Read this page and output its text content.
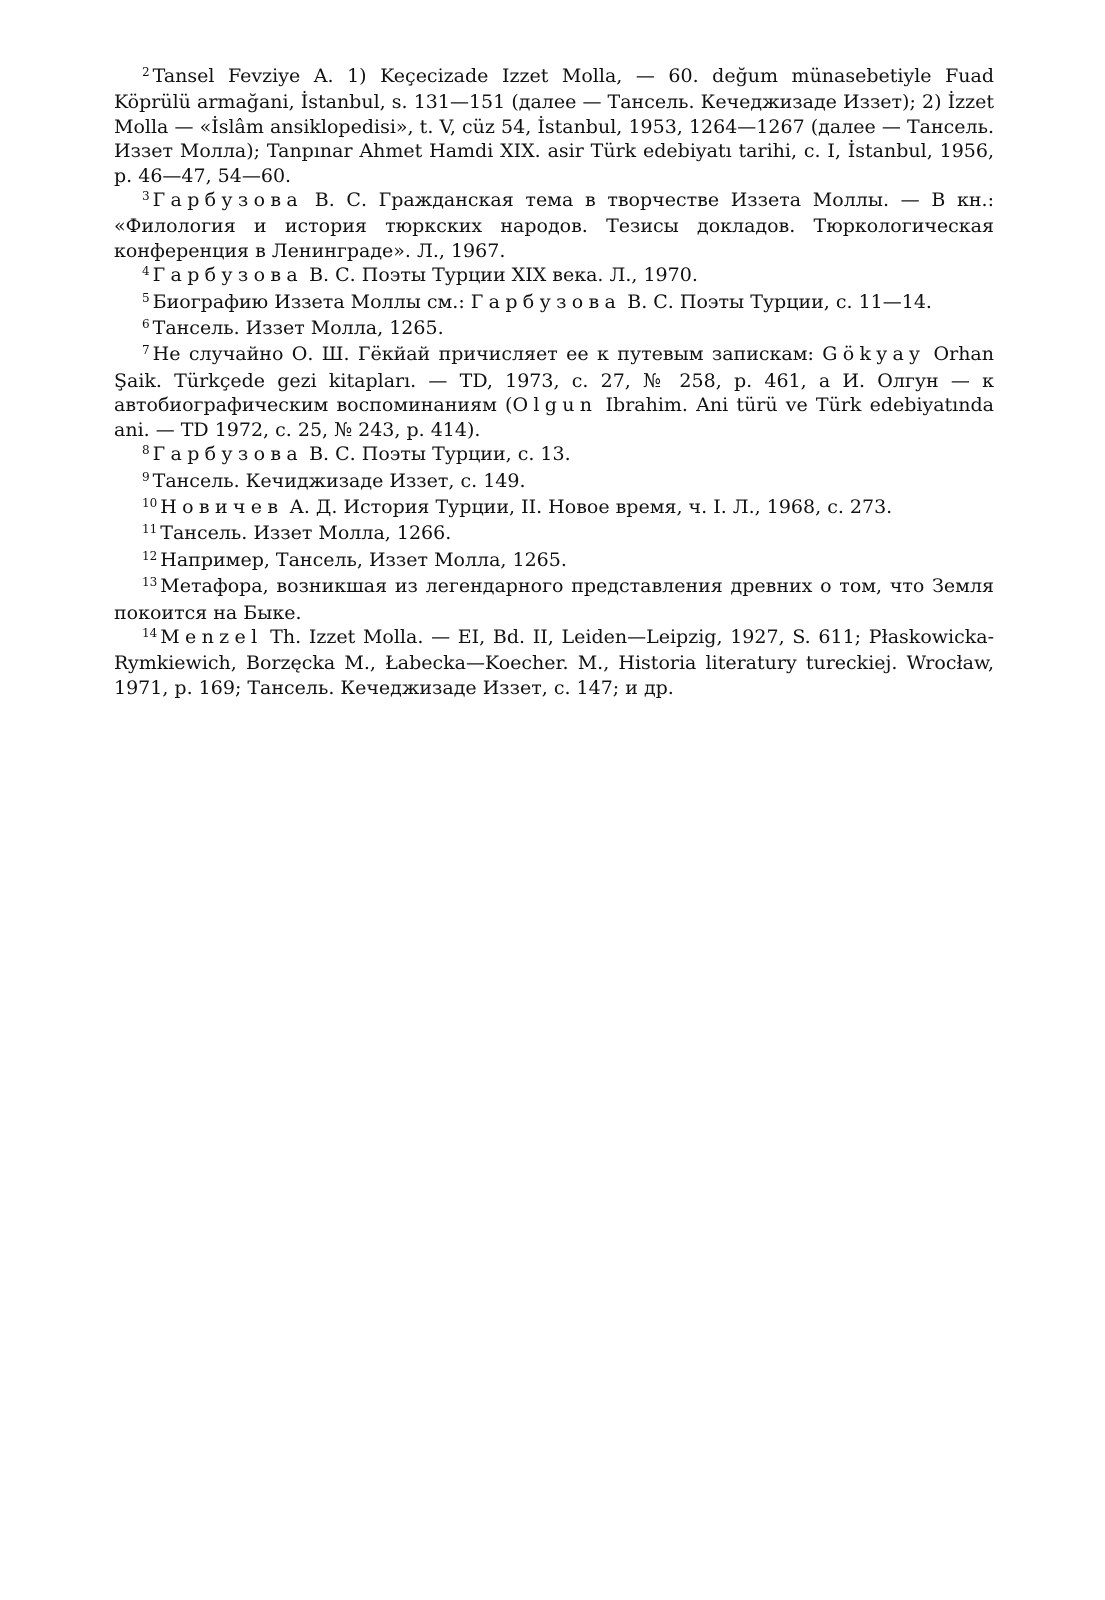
$^2$ Tansel Fevziye A. 1) Keçecizade Izzet Molla, — 60. değum münasebetiyle Fuad Köprülü armağani, İstanbul, s. 131—151 (далее — Тансель. Кечеджизаде Иззет); 2) İzzet Molla — «İslâm ansiklopedisi», t. V, cüz 54, İstanbul, 1953, 1264—1267 (далее — Тансель. Иззет Молла); Tanpınar Ahmet Hamdi XIX. asir Türk edebiyatı tarihi, c. I, İstanbul, 1956, p. 46—47, 54—60.

$^3$ Гарбузова В. С. Гражданская тема в творчестве Иззета Моллы. — В кн.: «Филология и история тюркских народов. Тезисы докладов. Тюркологическая конференция в Ленинграде». Л., 1967.

$^4$ Гарбузова В. С. Поэты Турции XIX века. Л., 1970.

$^5$ Биографию Иззета Моллы см.: Гарбузова В. С. Поэты Турции, с. 11—14.

$^6$ Тансель. Иззет Молла, 1265.

$^7$ Не случайно О. Ш. Гёкйай причисляет ее к путевым запискам: Gökyay Orhan Şaik. Türkçede gezi kitapları. — TD, 1973, c. 27, № 258, p. 461, а И. Олгун — к автобиографическим воспоминаниям (Olgun Ibrahim. Ani türü ve Türk edebiyatında ani. — TD 1972, c. 25, № 243, p. 414).

$^8$ Гарбузова В. С. Поэты Турции, с. 13.

$^9$ Тансель. Кечиджизаде Иззет, с. 149.

$^{10}$ Новичев А. Д. История Турции, II. Новое время, ч. I. Л., 1968, с. 273.

$^{11}$ Тансель. Иззет Молла, 1266.

$^{12}$ Например, Тансель, Иззет Молла, 1265.

$^{13}$ Метафора, возникшая из легендарного представления древних о том, что Земля покоится на Быке.

$^{14}$ Menzel Th. Izzet Molla. — EI, Bd. II, Leiden—Leipzig, 1927, S. 611; Płaskowicka-Rymkiewich, Borzęcka M., Łabecka—Koecher. M., Historia literatury tureckiej. Wrocław, 1971, p. 169; Тансель. Кечеджизаде Иззет, с. 147; и др.
